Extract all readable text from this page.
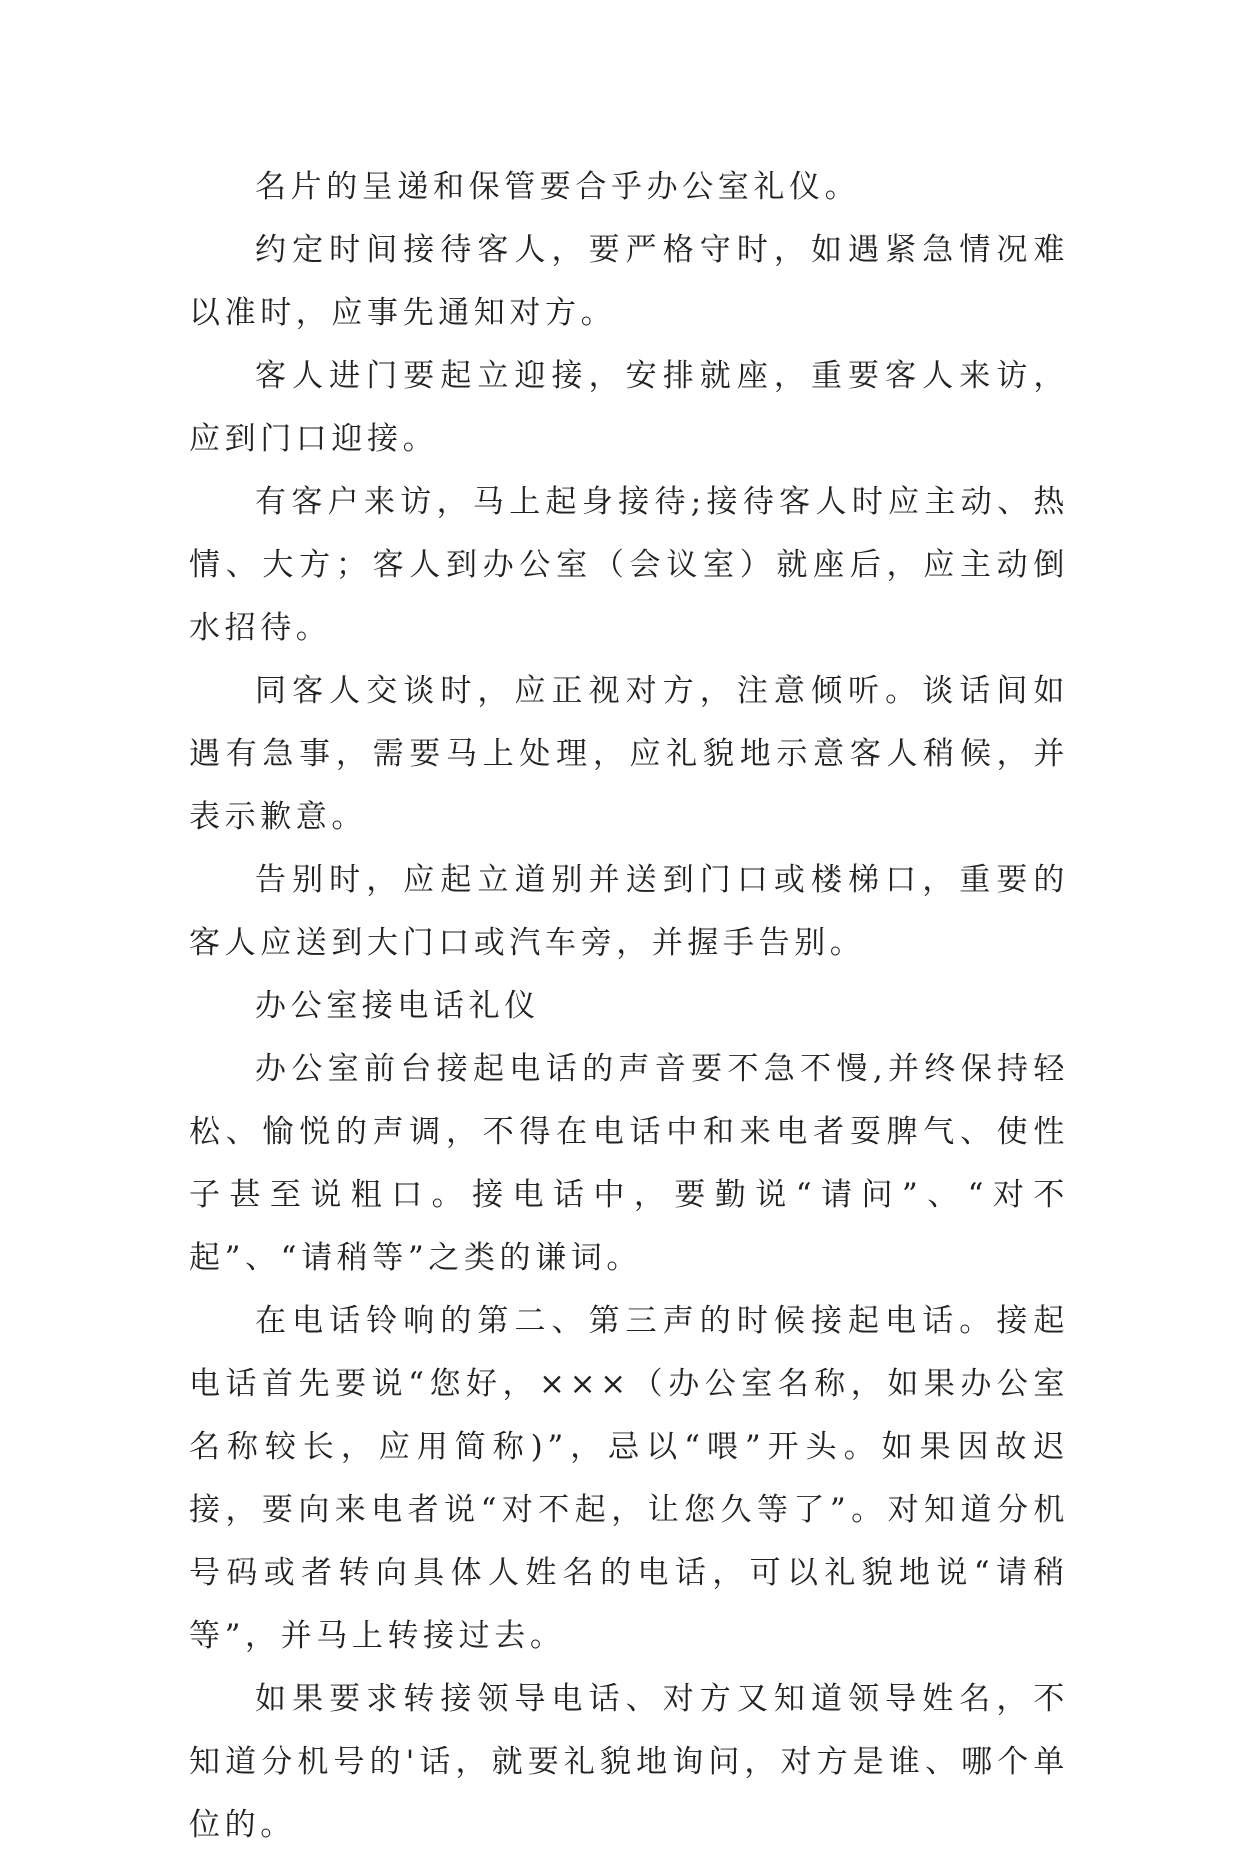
名片的呈递和保管要合乎办公室礼仪。

约定时间接待客人，要严格守时，如遇紧急情况难以准时，应事先通知对方。

客人进门要起立迎接，安排就座，重要客人来访，应到门口迎接。

有客户来访，马上起身接待;接待客人时应主动、热情、大方；客人到办公室（会议室）就座后，应主动倒水招待。

同客人交谈时，应正视对方，注意倾听。谈话间如遇有急事，需要马上处理，应礼貌地示意客人稍候，并表示歉意。

告别时，应起立道别并送到门口或楼梯口，重要的客人应送到大门口或汽车旁，并握手告别。

办公室接电话礼仪

办公室前台接起电话的声音要不急不慢,并终保持轻松、愉悦的声调，不得在电话中和来电者耍脾气、使性子甚至说粗口。接电话中，要勤说“请问”、“对不起”、“请稍等”之类的谦词。

在电话铃响的第二、第三声的时候接起电话。接起电话首先要说“您好，×××（办公室名称，如果办公室名称较长，应用简称)”，忌以“喂”开头。如果因故迟接，要向来电者说“对不起，让您久等了”。对知道分机号码或者转向具体人姓名的电话，可以礼貌地说“请稍等”，并马上转接过去。

如果要求转接领导电话、对方又知道领导姓名，不知道分机号的'话，就要礼貌地询问，对方是谁、哪个单位的。
